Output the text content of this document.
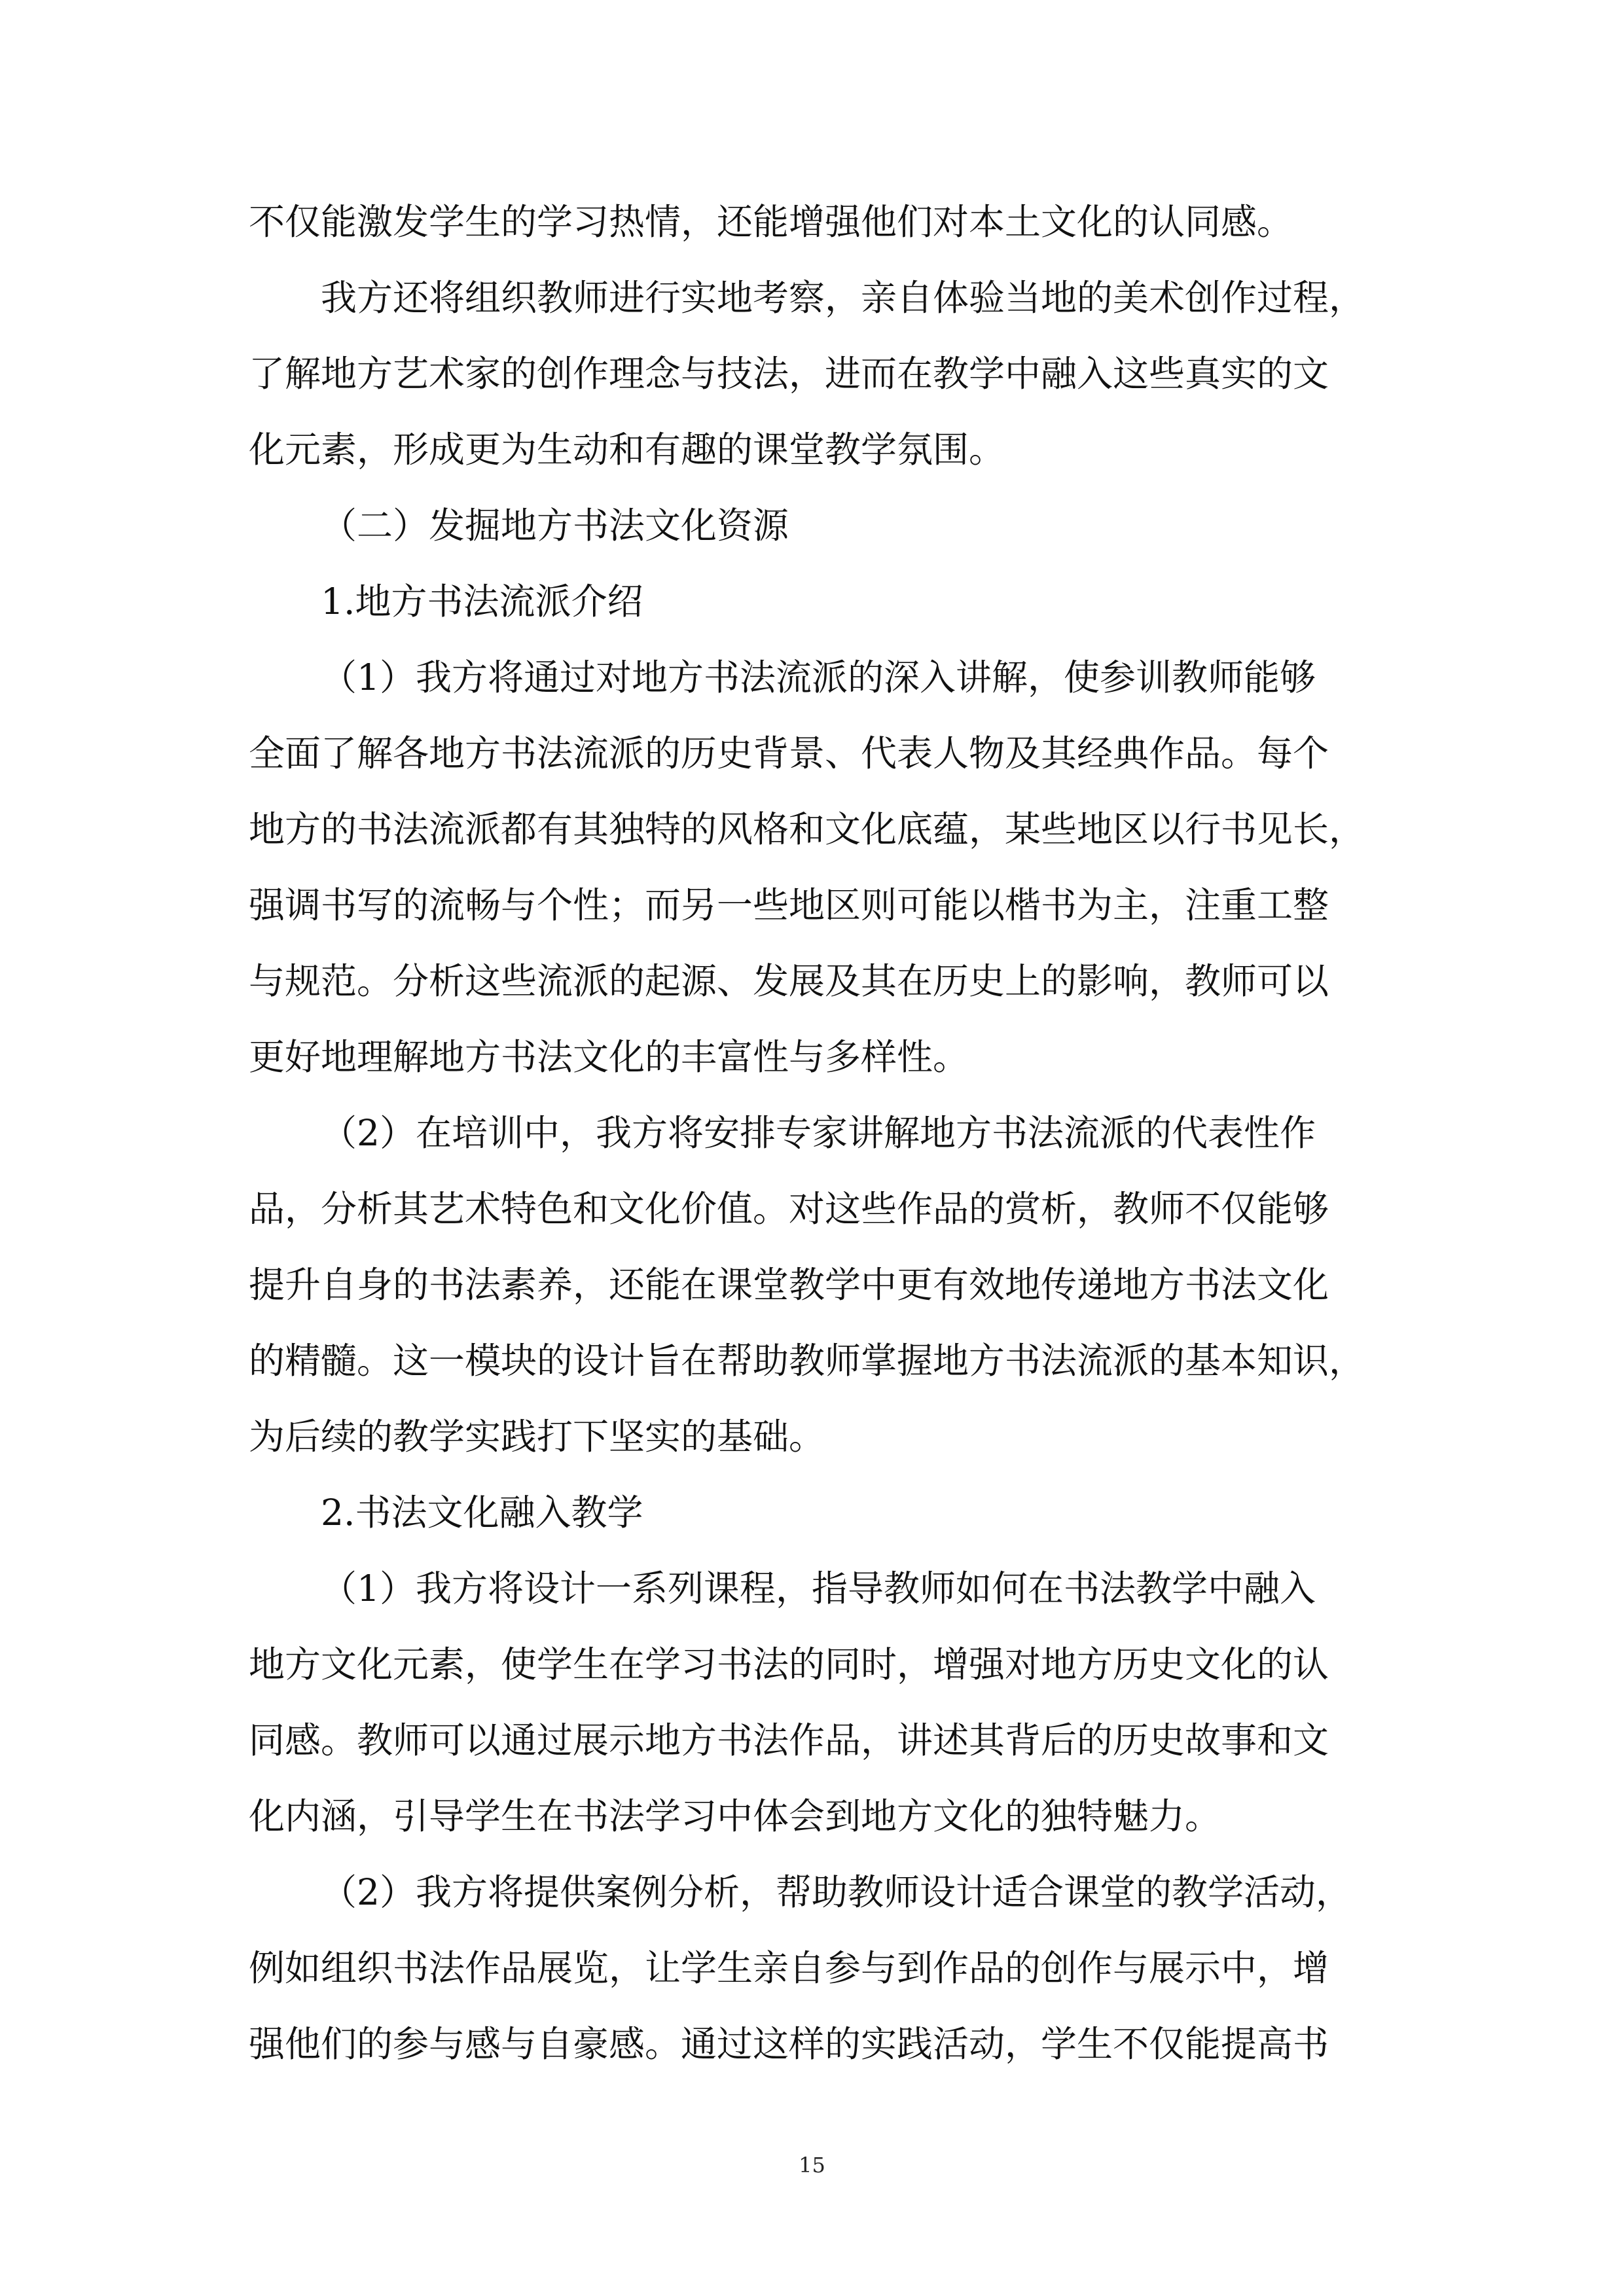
不仅能激发学生的学习热情，还能增强他们对本土文化的认同感。
我方还将组织教师进行实地考察，亲自体验当地的美术创作过程，
了解地方艺术家的创作理念与技法，进而在教学中融入这些真实的文
化元素，形成更为生动和有趣的课堂教学氛围。
（二）发掘地方书法文化资源
1.地方书法流派介绍
（1）我方将通过对地方书法流派的深入讲解，使参训教师能够
全面了解各地方书法流派的历史背景、代表人物及其经典作品。每个
地方的书法流派都有其独特的风格和文化底蕴，某些地区以行书见长，
强调书写的流畅与个性；而另一些地区则可能以楷书为主，注重工整
与规范。分析这些流派的起源、发展及其在历史上的影响，教师可以
更好地理解地方书法文化的丰富性与多样性。
（2）在培训中，我方将安排专家讲解地方书法流派的代表性作
品，分析其艺术特色和文化价值。对这些作品的赏析，教师不仅能够
提升自身的书法素养，还能在课堂教学中更有效地传递地方书法文化
的精髓。这一模块的设计旨在帮助教师掌握地方书法流派的基本知识，
为后续的教学实践打下坚实的基础。
2.书法文化融入教学
（1）我方将设计一系列课程，指导教师如何在书法教学中融入
地方文化元素，使学生在学习书法的同时，增强对地方历史文化的认
同感。教师可以通过展示地方书法作品，讲述其背后的历史故事和文
化内涵，引导学生在书法学习中体会到地方文化的独特魅力。
（2）我方将提供案例分析，帮助教师设计适合课堂的教学活动，
例如组织书法作品展览，让学生亲自参与到作品的创作与展示中，增
强他们的参与感与自豪感。通过这样的实践活动，学生不仅能提高书
15
